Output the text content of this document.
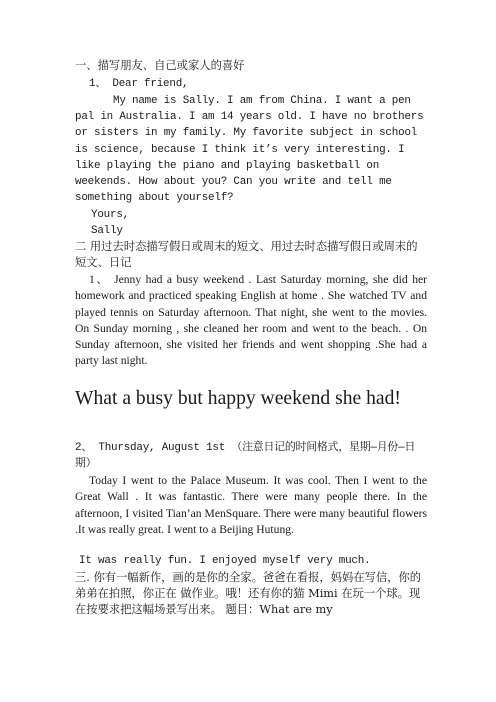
一、描写朋友、自己或家人的喜好
1、 Dear friend,

My name is Sally. I am from China. I want a pen pal in Australia. I am 14 years old. I have no brothers or sisters in my family. My favorite subject in school is science, because I think it’s very interesting. I like playing the piano and playing basketball on weekends. How about you? Can you write and tell me something about yourself?

Yours,
Sally

二 用过去时态描写假日或周末的短文、用过去时态描写假日或周末的短文、日记

1、 Jenny had a busy weekend . Last Saturday morning, she did her homework and practiced speaking English at home . She watched TV and played tennis on Saturday afternoon. That night, she went to the movies. On Sunday morning , she cleaned her room and went to the beach. . On Sunday afternoon, she visited her friends and went shopping .She had a party last night.

What a busy but happy weekend she had!

2、 Thursday, August 1st （注意日记的时间格式，星期—月份—日期）

Today I went to the Palace Museum. It was cool. Then I went to the Great Wall . It was fantastic. There were many people there. In the afternoon, I visited Tian’an MenSquare. There were many beautiful flowers .It was really great. I went to a Beijing Hutung.

It was really fun. I enjoyed myself very much.

三. 你有一幅新作，画的是你的全家。爸爸在看报，妈妈在写信，你的弟弟在拍照，你正在 做作业。哦！还有你的猫 Mimi 在玩一个球。现在按要求把这幅场景写出来。 题目：What are my
